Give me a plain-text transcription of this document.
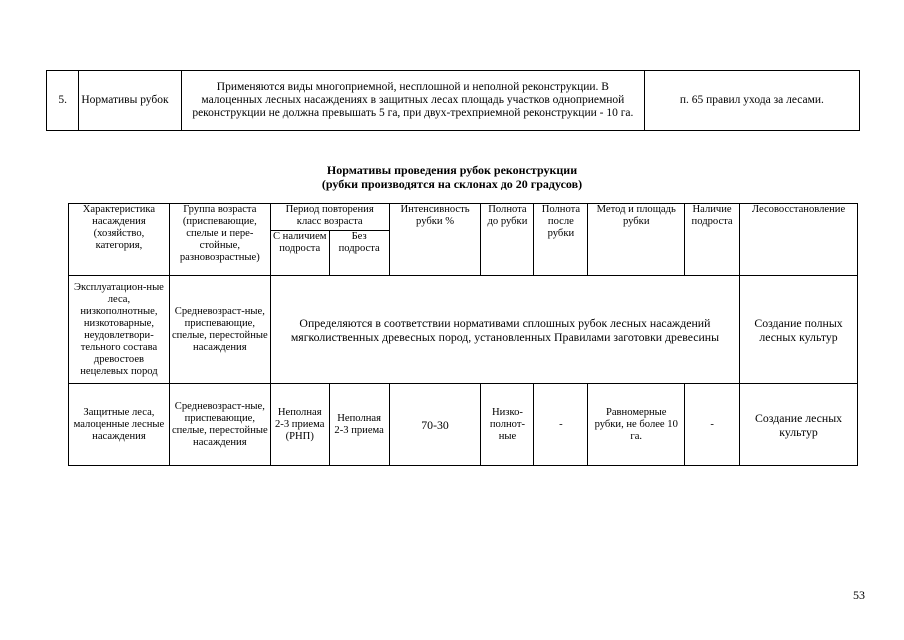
5.	Нормативы рубок	Применяются виды многоприемной, несплошной и неполной реконструкции. В малоценных лесных насаждениях в защитных лесах площадь участков одноприемной реконструкции не должна превышать 5 га, при двух-трехприемной реконструкции - 10 га.	п. 65 правил ухода за лесами.
Нормативы проведения рубок реконструкции
(рубки производятся на склонах до 20 градусов)
Характеристика насаждения (хозяйство, категория,	Группа возраста (приспевающие, спелые и пере-стойные, разновозрастные)	Период повторения класс возраста		Интенсивность рубки %	Полнота до рубки	Полнота после рубки	Метод и площадь рубки	Наличие подроста	Лесовосстановление
		С наличием подроста	Без подроста						
Эксплуатацион-ные леса, низкополнотные, низкотоварные, неудовлетвори-тельного состава древостоев нецелевых пород	Средневозраст-ные, приспевающие, спелые, перестойные насаждения	Определяются в соответствии нормативами сплошных рубок лесных насаждений мягколиственных древесных пород, установленных Правилами заготовки древесины							Создание полных лесных культур
Защитные леса, малоценные лесные насаждения	Средневозраст-ные, приспевающие, спелые, перестойные насаждения	Неполная 2-3 приема (РНП)	Неполная 2-3 приема	70-30	Низко-полнот-ные	-	Равномерные рубки, не более 10 га.	-	Создание лесных культур
53
